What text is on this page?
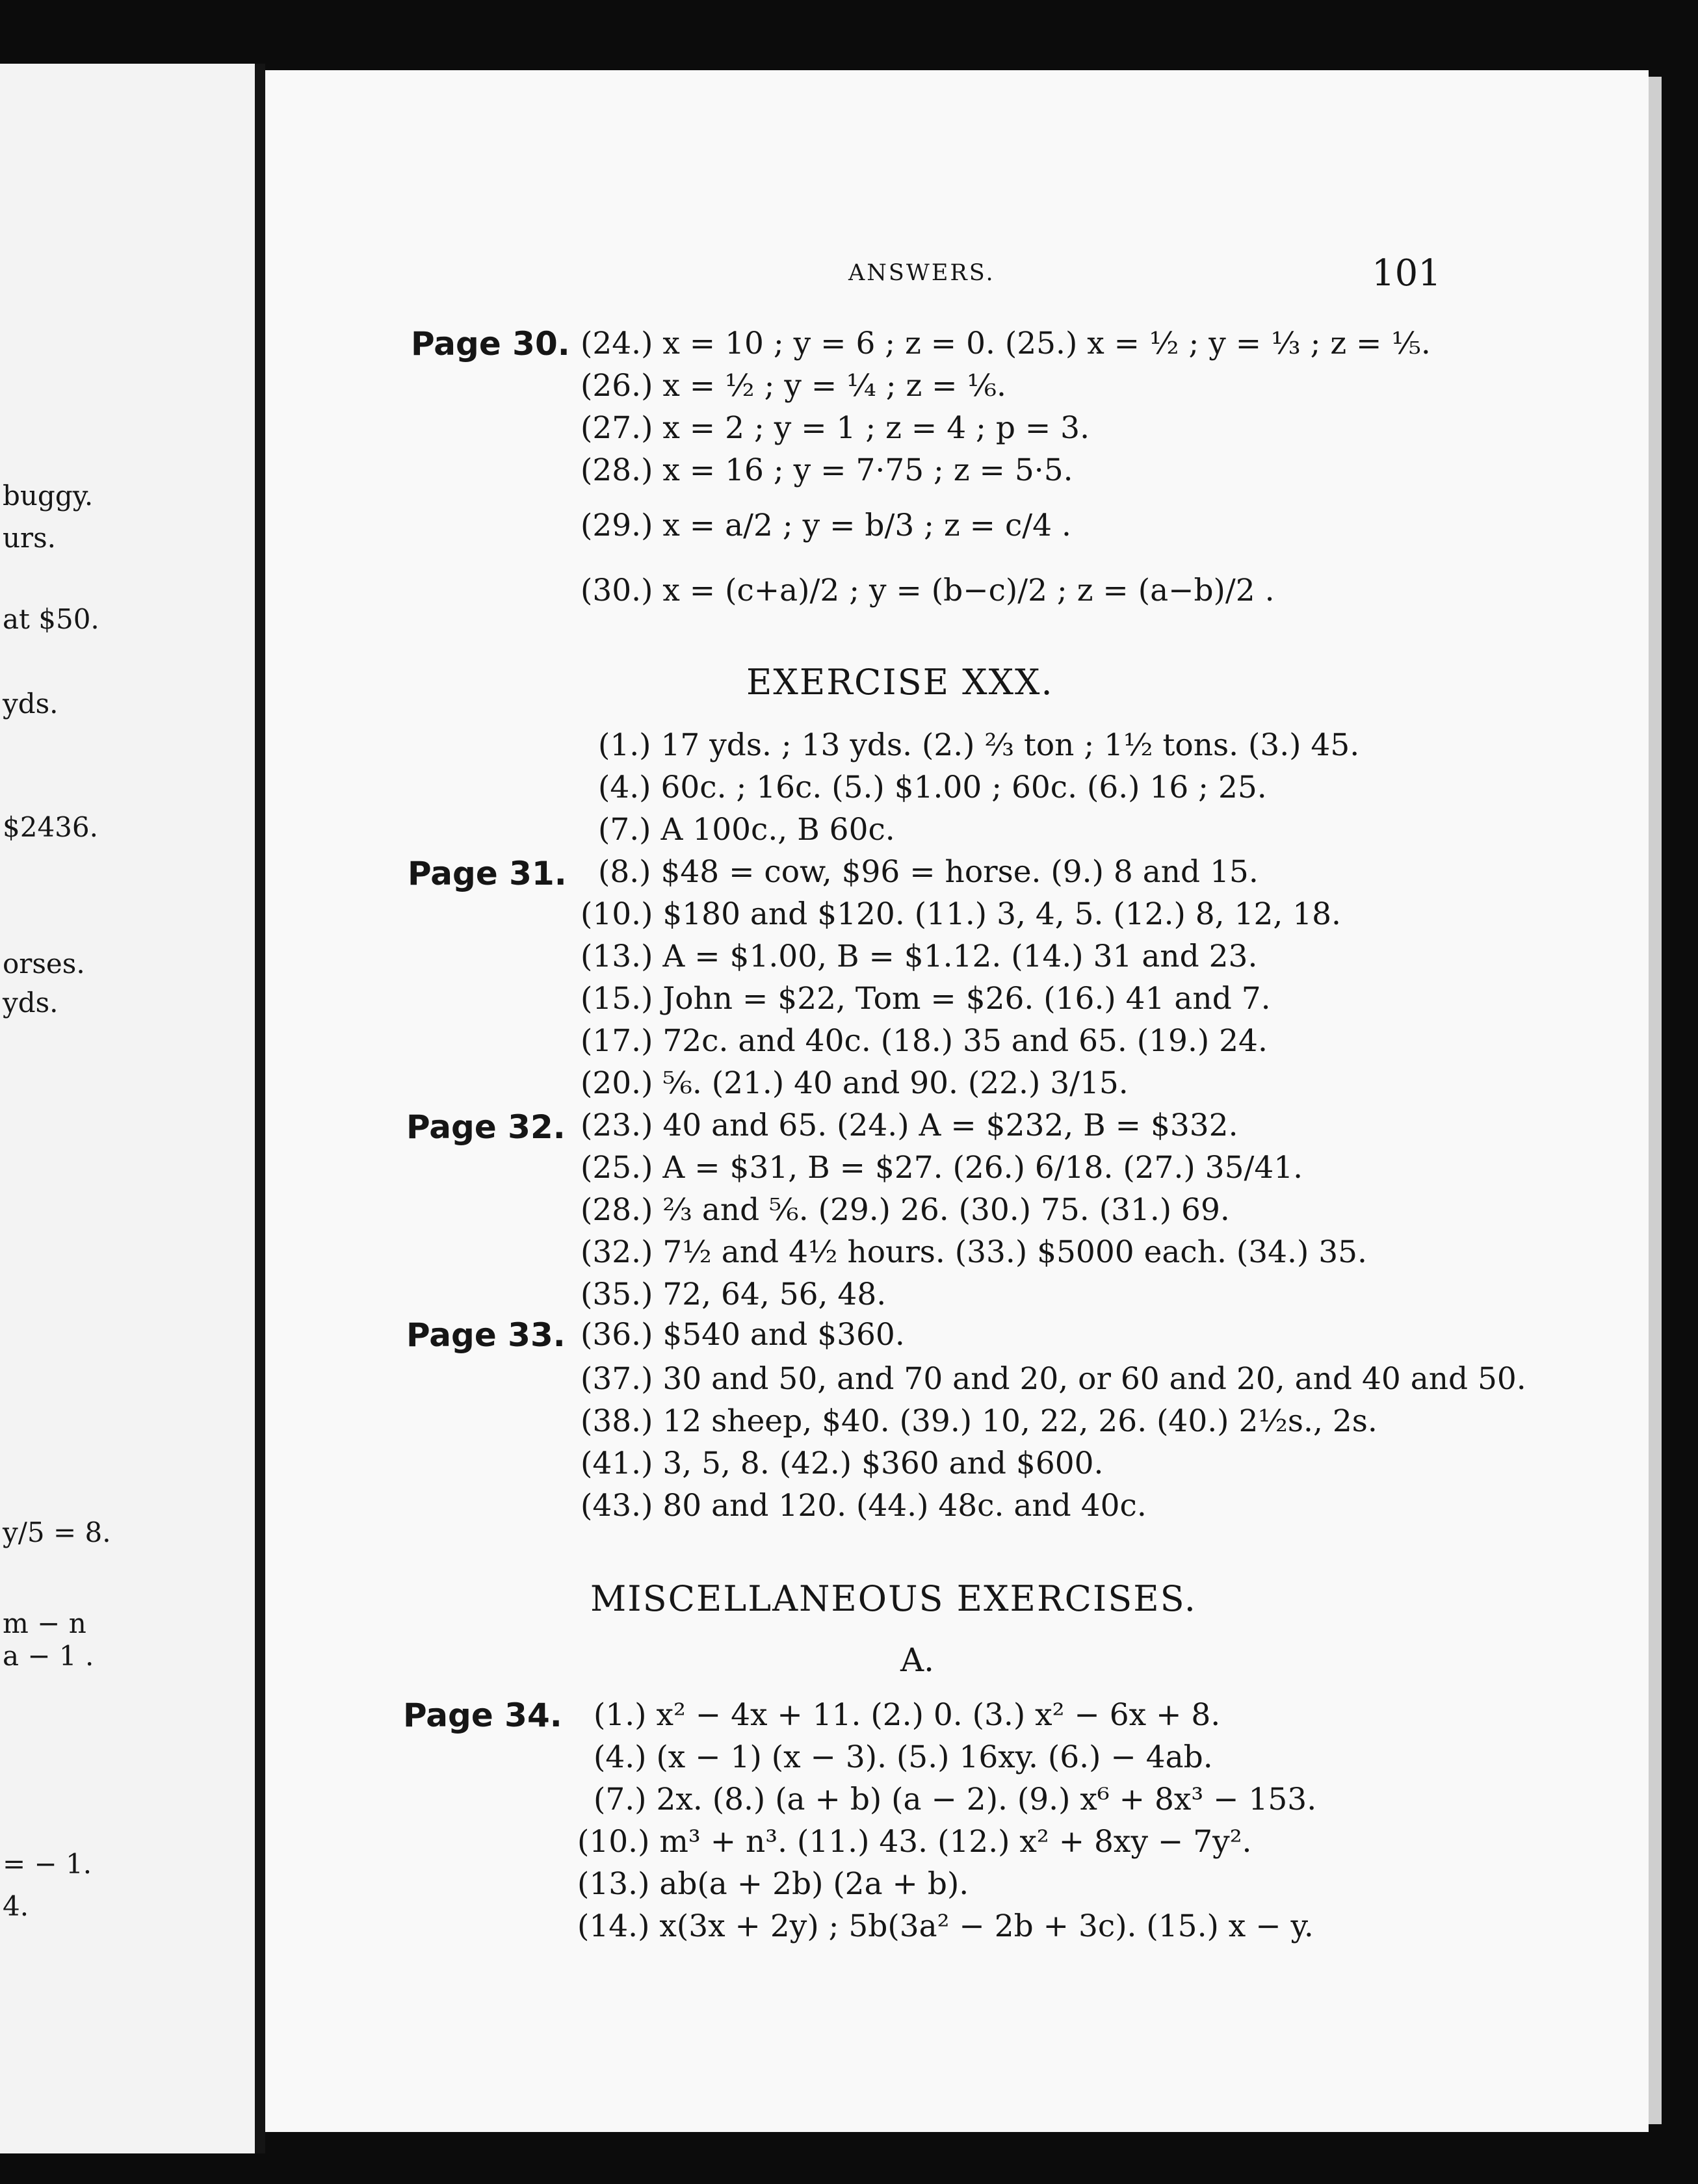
buggy.
urs.
at $50.
yds.
$2436.
orses.
yds.
y/5 = 8.
m − n
a − 1 .
= − 1.
4.
ANSWERS.	101
Page 30. (24.) x = 10 ; y = 6 ; z = 0. (25.) x = ½ ; y = ⅓ ; z = ⅕.
(26.) x = ½ ; y = ¼ ; z = ⅙.
(27.) x = 2 ; y = 1 ; z = 4 ; p = 3.
(28.) x = 16 ; y = 7·75 ; z = 5·5.
(29.) x = a/2 ; y = b/3 ; z = c/4 .
(30.) x = (c+a)/2 ; y = (b−c)/2 ; z = (a−b)/2 .
EXERCISE XXX.
(1.) 17 yds. ; 13 yds. (2.) ⅔ ton ; 1½ tons. (3.) 45.
(4.) 60c. ; 16c. (5.) $1.00 ; 60c. (6.) 16 ; 25.
(7.) A 100c., B 60c.
Page 31. (8.) $48 = cow, $96 = horse. (9.) 8 and 15.
(10.) $180 and $120. (11.) 3, 4, 5. (12.) 8, 12, 18.
(13.) A = $1.00, B = $1.12. (14.) 31 and 23.
(15.) John = $22, Tom = $26. (16.) 41 and 7.
(17.) 72c. and 40c. (18.) 35 and 65. (19.) 24.
(20.) ⅚. (21.) 40 and 90. (22.) 3/15.
Page 32. (23.) 40 and 65. (24.) A = $232, B = $332.
(25.) A = $31, B = $27. (26.) 6/18. (27.) 35/41.
(28.) ⅔ and ⅚. (29.) 26. (30.) 75. (31.) 69.
(32.) 7½ and 4½ hours. (33.) $5000 each. (34.) 35.
(35.) 72, 64, 56, 48.
Page 33. (36.) $540 and $360.
(37.) 30 and 50, and 70 and 20, or 60 and 20, and 40 and 50.
(38.) 12 sheep, $40. (39.) 10, 22, 26. (40.) 2½s., 2s.
(41.) 3, 5, 8. (42.) $360 and $600.
(43.) 80 and 120. (44.) 48c. and 40c.
MISCELLANEOUS EXERCISES.
A.
Page 34. (1.) x² − 4x + 11. (2.) 0. (3.) x² − 6x + 8.
(4.) (x − 1) (x − 3). (5.) 16xy. (6.) − 4ab.
(7.) 2x. (8.) (a + b) (a − 2). (9.) x⁶ + 8x³ − 153.
(10.) m³ + n³. (11.) 43. (12.) x² + 8xy − 7y².
(13.) ab(a + 2b) (2a + b).
(14.) x(3x + 2y) ; 5b(3a² − 2b + 3c). (15.) x − y.
